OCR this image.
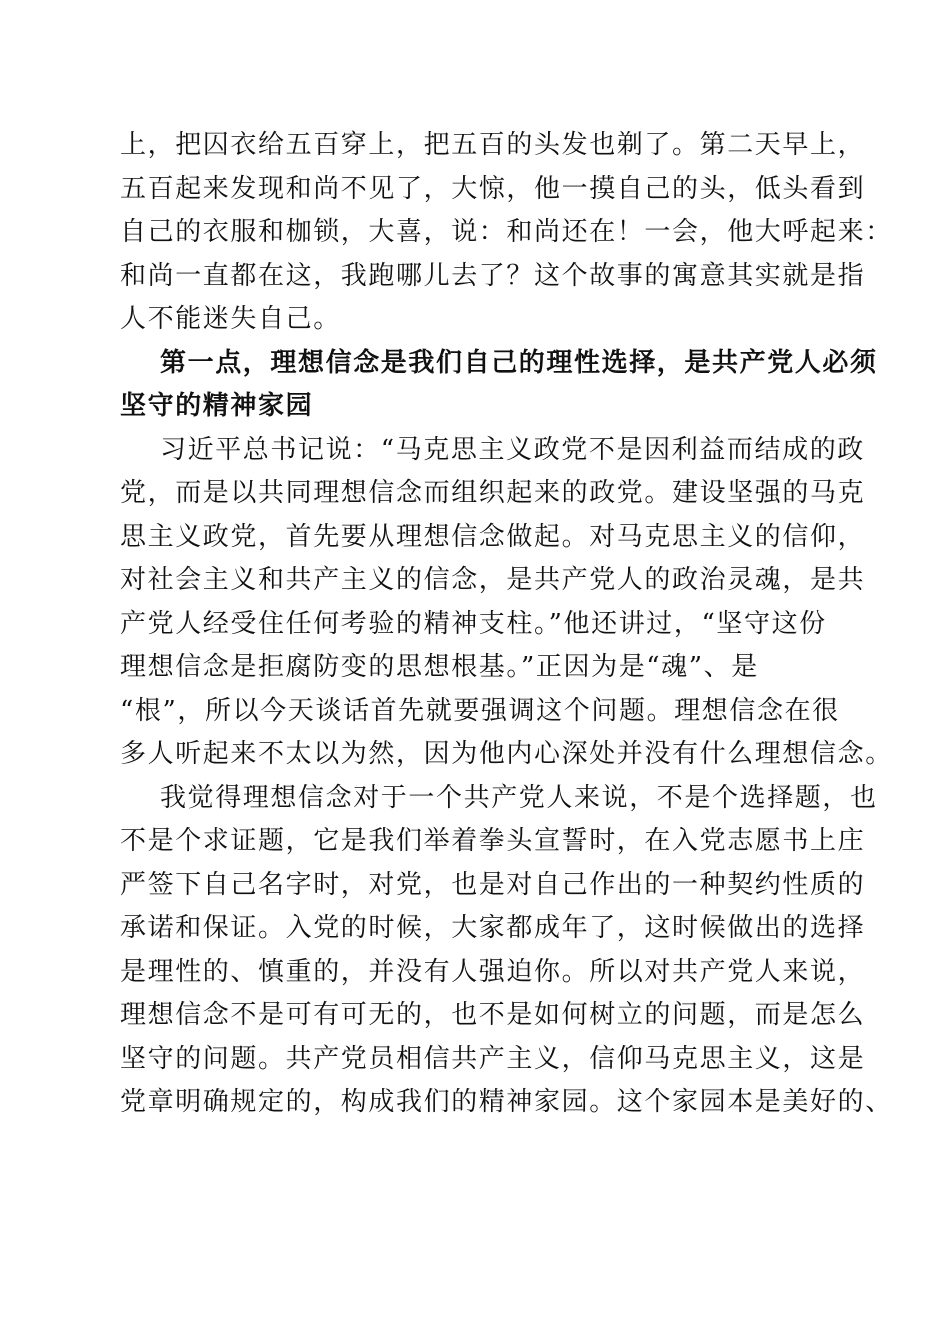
上，把囚衣给五百穿上，把五百的头发也剃了。第二天早上，
五百起来发现和尚不见了，大惊，他一摸自己的头，低头看到
自己的衣服和枷锁，大喜，说：和尚还在！一会，他大呼起来：
和尚一直都在这，我跑哪儿去了？这个故事的寓意其实就是指
人不能迷失自己。
第一点，理想信念是我们自己的理性选择，是共产党人必须
坚守的精神家园
习近平总书记说：“马克思主义政党不是因利益而结成的政
党，而是以共同理想信念而组织起来的政党。建设坚强的马克
思主义政党，首先要从理想信念做起。对马克思主义的信仰，
对社会主义和共产主义的信念，是共产党人的政治灵魂，是共
产党人经受住任何考验的精神支柱。”他还讲过，“坚守这份
理想信念是拒腐防变的思想根基。”正因为是“魂”、是
“根”，所以今天谈话首先就要强调这个问题。理想信念在很
多人听起来不太以为然，因为他内心深处并没有什么理想信念。
我觉得理想信念对于一个共产党人来说，不是个选择题，也
不是个求证题，它是我们举着拳头宣誓时，在入党志愿书上庄
严签下自己名字时，对党，也是对自己作出的一种契约性质的
承诺和保证。入党的时候，大家都成年了，这时候做出的选择
是理性的、慎重的，并没有人强迫你。所以对共产党人来说，
理想信念不是可有可无的，也不是如何树立的问题，而是怎么
坚守的问题。共产党员相信共产主义，信仰马克思主义，这是
党章明确规定的，构成我们的精神家园。这个家园本是美好的、
